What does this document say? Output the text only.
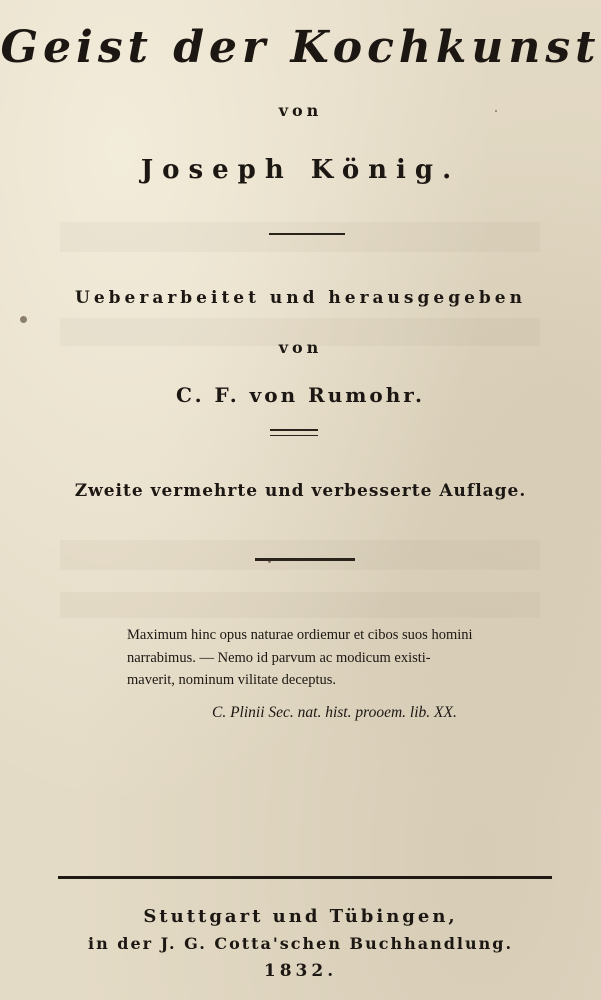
Geist der Kochkunst
von
Joseph König.
Ueberarbeitet und herausgegeben
von
C. F. von Rumohr.
Zweite vermehrte und verbesserte Auflage.
Maximum hinc opus naturae ordiemur et cibos suos homini
narrabimus. — Nemo id parvum ac modicum existi-
maverit, nominum vilitate deceptus.
C. Plinii Sec. nat. hist. prooem. lib. XX.
Stuttgart und Tübingen,
in der J. G. Cotta'schen Buchhandlung.
1832.
